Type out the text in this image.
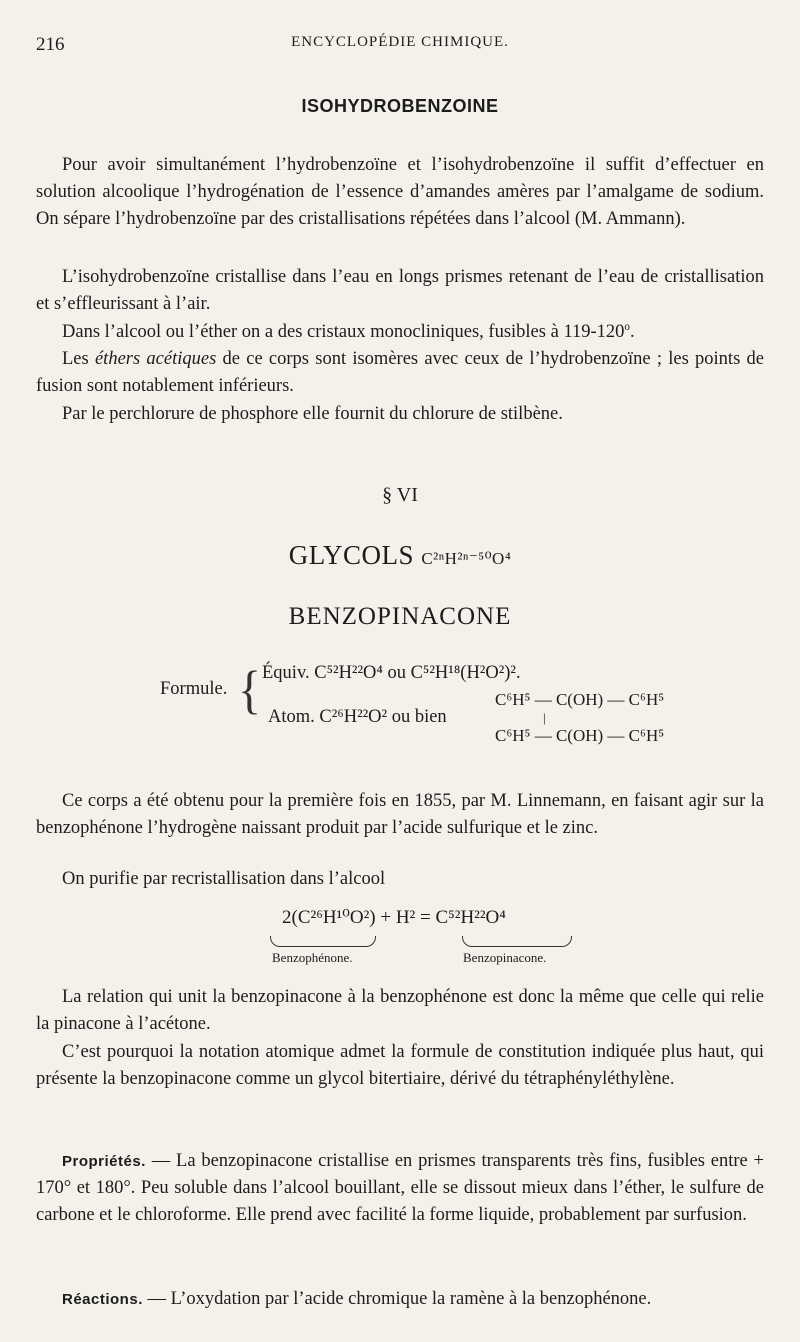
216	ENCYCLOPÉDIE CHIMIQUE.
ISOHYDROBENZOINE

Pour avoir simultanément l’hydrobenzoïne et l’isohydrobenzoïne il suffit d’effectuer en solution alcoolique l’hydrogénation de l’essence d’amandes amères par l’amalgame de sodium. On sépare l’hydrobenzoïne par des cristallisations répétées dans l’alcool (M. Ammann).

L’isohydrobenzoïne cristallise dans l’eau en longs prismes retenant de l’eau de cristallisation et s’effleurissant à l’air.

Dans l’alcool ou l’éther on a des cristaux monocliniques, fusibles à 119-120$^o$.

Les éthers acétiques de ce corps sont isomères avec ceux de l’hydrobenzoïne ; les points de fusion sont notablement inférieurs.

Par le perchlorure de phosphore elle fournit du chlorure de stilbène.

§ VI
GLYCOLS C²ⁿH²ⁿ⁻⁵⁰O⁴
BENZOPINACONE
Formule. { Équiv. C⁵²H²²O⁴ ou C⁵²H¹⁸(H²O²)².
Atom. C²⁶H²²O² ou bien
C⁶H⁵ — C(OH) — C⁶H⁵
|
C⁶H⁵ — C(OH) — C⁶H⁵

Ce corps a été obtenu pour la première fois en 1855, par M. Linnemann, en faisant agir sur la benzophénone l’hydrogène naissant produit par l’acide sulfurique et le zinc.

On purifie par recristallisation dans l’alcool

2(C²⁶H¹⁰O²) + H² = C⁵²H²²O⁴
Benzophénone.	Benzopinacone.

La relation qui unit la benzopinacone à la benzophénone est donc la même que celle qui relie la pinacone à l’acétone.

C’est pourquoi la notation atomique admet la formule de constitution indiquée plus haut, qui présente la benzopinacone comme un glycol bitertiaire, dérivé du tétraphényléthylène.

Propriétés. — La benzopinacone cristallise en prismes transparents très fins, fusibles entre + 170° et 180°. Peu soluble dans l’alcool bouillant, elle se dissout mieux dans l’éther, le sulfure de carbone et le chloroforme. Elle prend avec facilité la forme liquide, probablement par surfusion.

Réactions. — L’oxydation par l’acide chromique la ramène à la benzophénone.
